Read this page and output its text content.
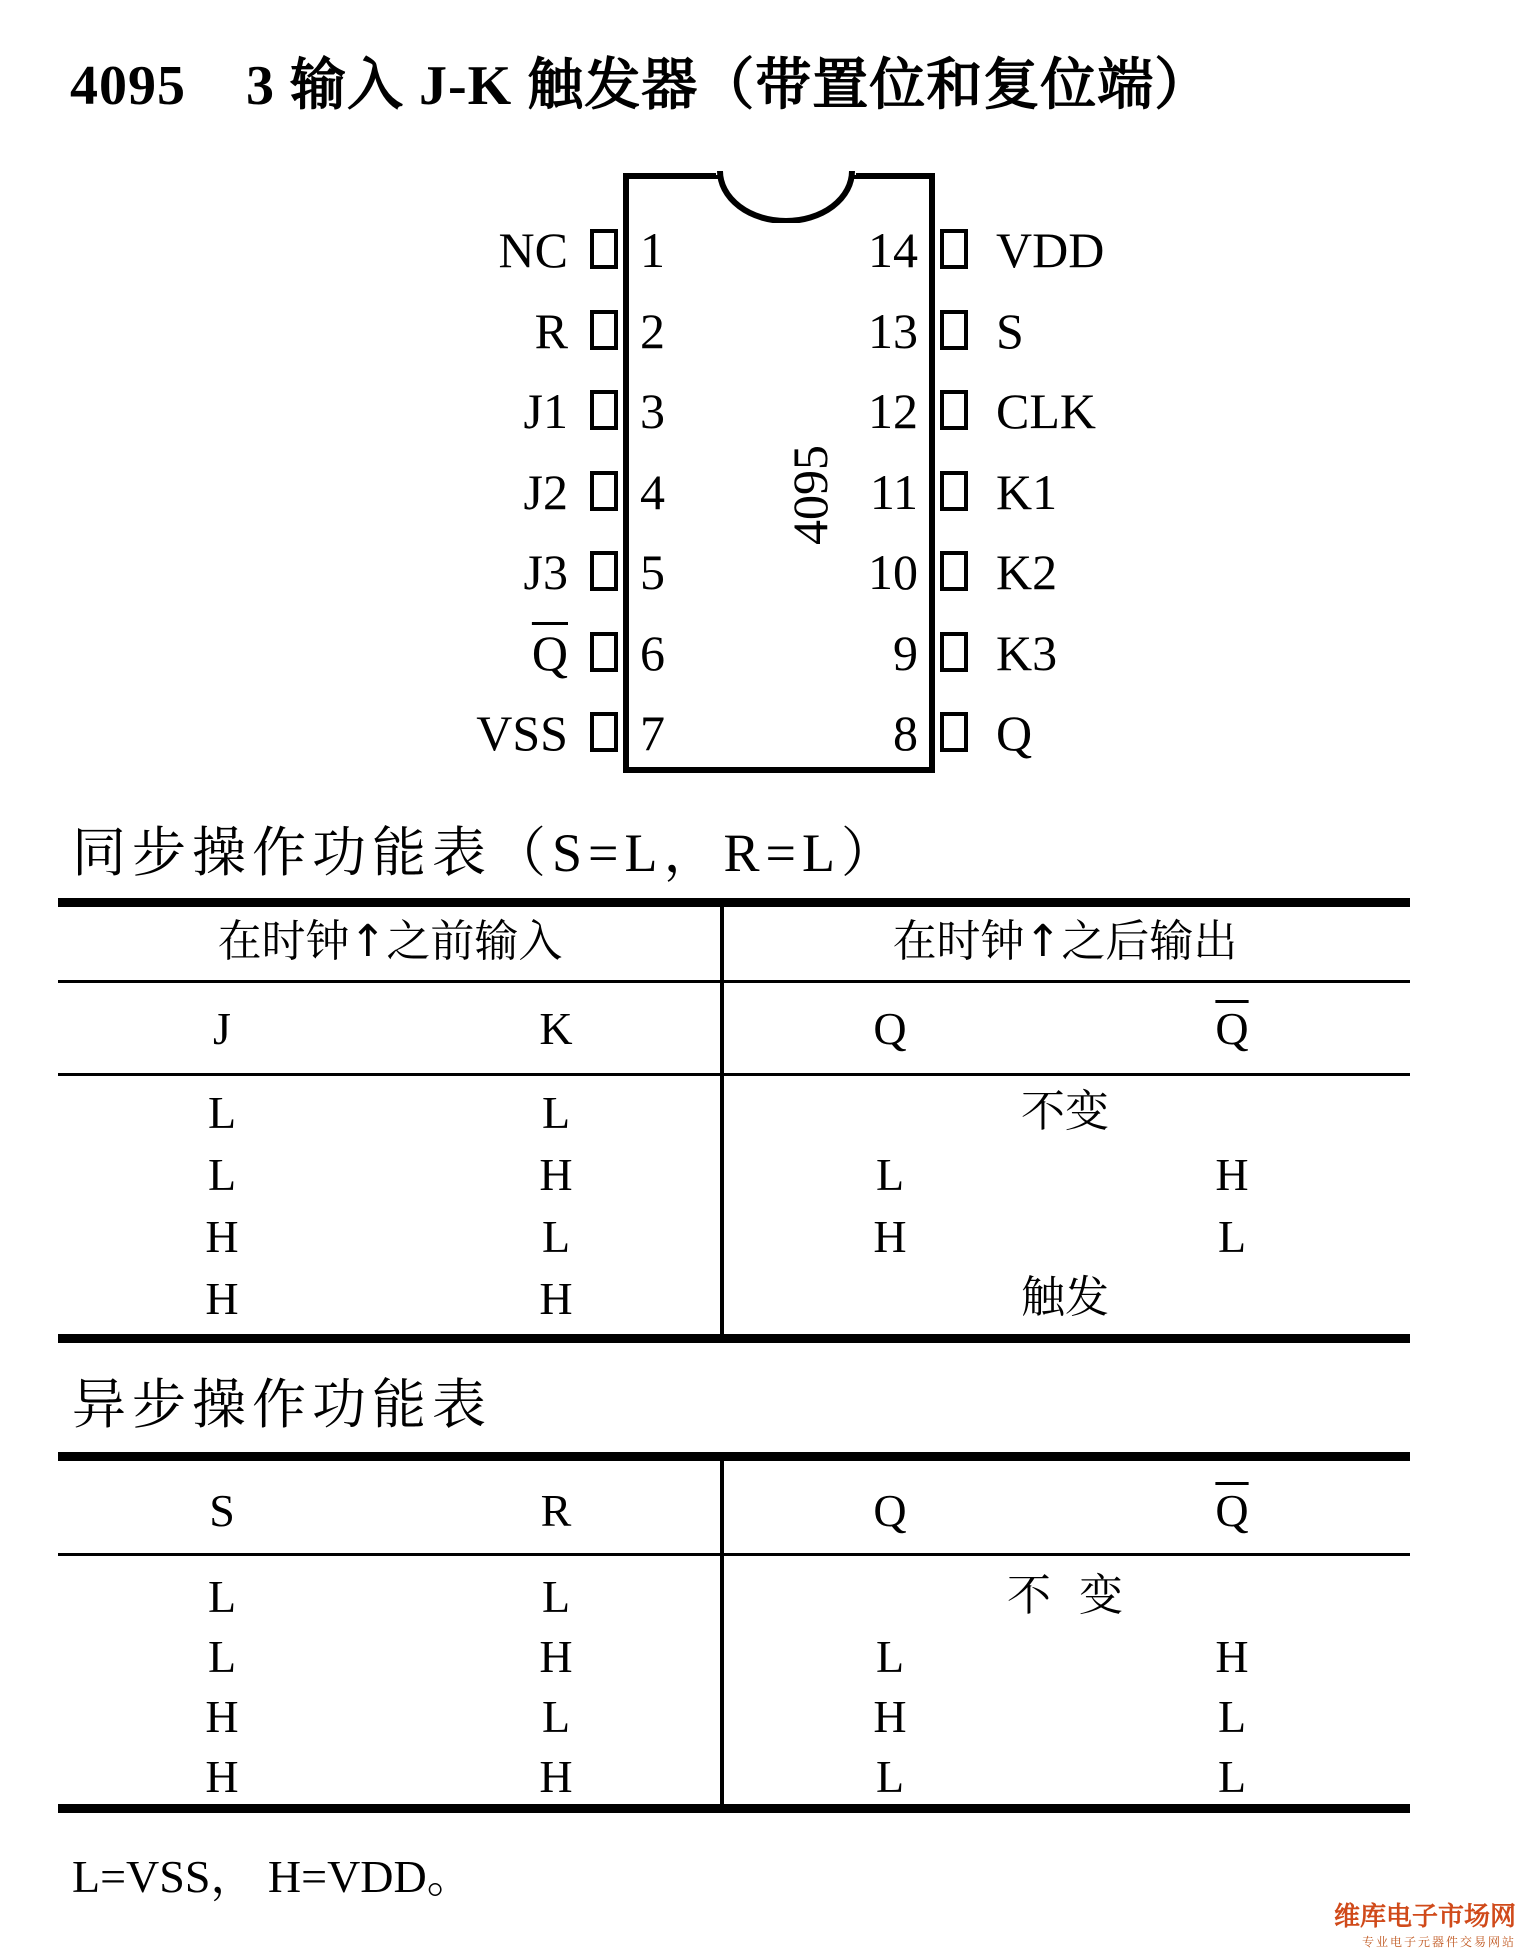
4095 3 输入 J-K 触发器（带置位和复位端）
4095
NC 1
R 2
J1 3
J2 4
J3 5
$\overline{Q}$ 6
VSS 7
14 VDD
13 S
12 CLK
11 K1
10 K2
9 K3
8 Q
同步操作功能表（S=L，R=L）
在时钟↑之前输入	在时钟↑之后输出
J	K	Q	$\overline{Q}$
L	L	不变
L	H	L	H
H	L	H	L
H	H	触发
异步操作功能表
S	R	Q	$\overline{Q}$
L	L	不  变
L	H	L	H
H	L	H	L
H	H	L	L
L=VSS， H=VDD。
维库电子市场网
专业电子元器件交易网站
